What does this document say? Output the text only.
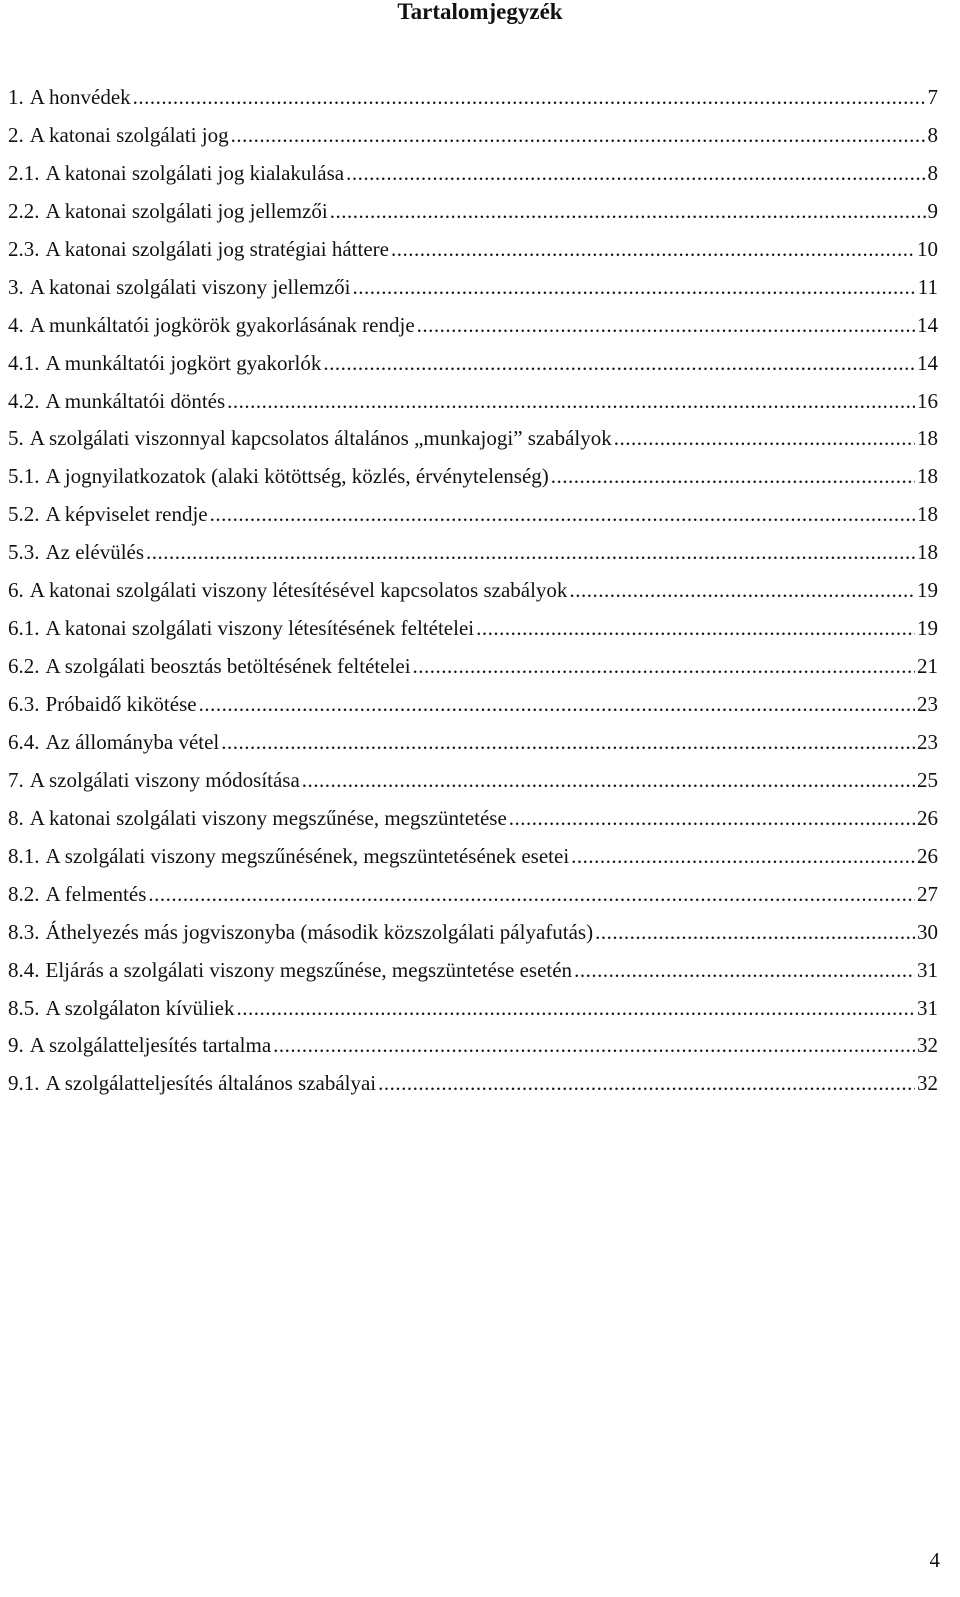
Tartalomjegyzék
1. A honvédek .....	7
2. A katonai szolgálati jog .....	8
2.1. A katonai szolgálati jog kialakulása .....	8
2.2. A katonai szolgálati jog jellemzői .....	9
2.3. A katonai szolgálati jog stratégiai háttere .....	10
3. A katonai szolgálati viszony jellemzői .....	11
4. A munkáltatói jogkörök gyakorlásának rendje .....	14
4.1. A munkáltatói jogkört gyakorlók .....	14
4.2. A munkáltatói döntés .....	16
5. A szolgálati viszonnyal kapcsolatos általános „munkajogi” szabályok .....	18
5.1. A jognyilatkozatok (alaki kötöttség, közlés, érvénytelenség) .....	18
5.2. A képviselet rendje .....	18
5.3. Az elévülés .....	18
6. A katonai szolgálati viszony létesítésével kapcsolatos szabályok .....	19
6.1. A katonai szolgálati viszony létesítésének feltételei .....	19
6.2. A szolgálati beosztás betöltésének feltételei .....	21
6.3. Próbaidő kikötése .....	23
6.4. Az állományba vétel .....	23
7. A szolgálati viszony módosítása .....	25
8. A katonai szolgálati viszony megszűnése, megszüntetése .....	26
8.1. A szolgálati viszony megszűnésének, megszüntetésének esetei .....	26
8.2. A felmentés .....	27
8.3. Áthelyezés más jogviszonyba (második közszolgálati pályafutás) .....	30
8.4. Eljárás a szolgálati viszony megszűnése, megszüntetése esetén .....	31
8.5. A szolgálaton kívüliek .....	31
9. A szolgálatteljesítés tartalma .....	32
9.1. A szolgálatteljesítés általános szabályai .....	32
4
